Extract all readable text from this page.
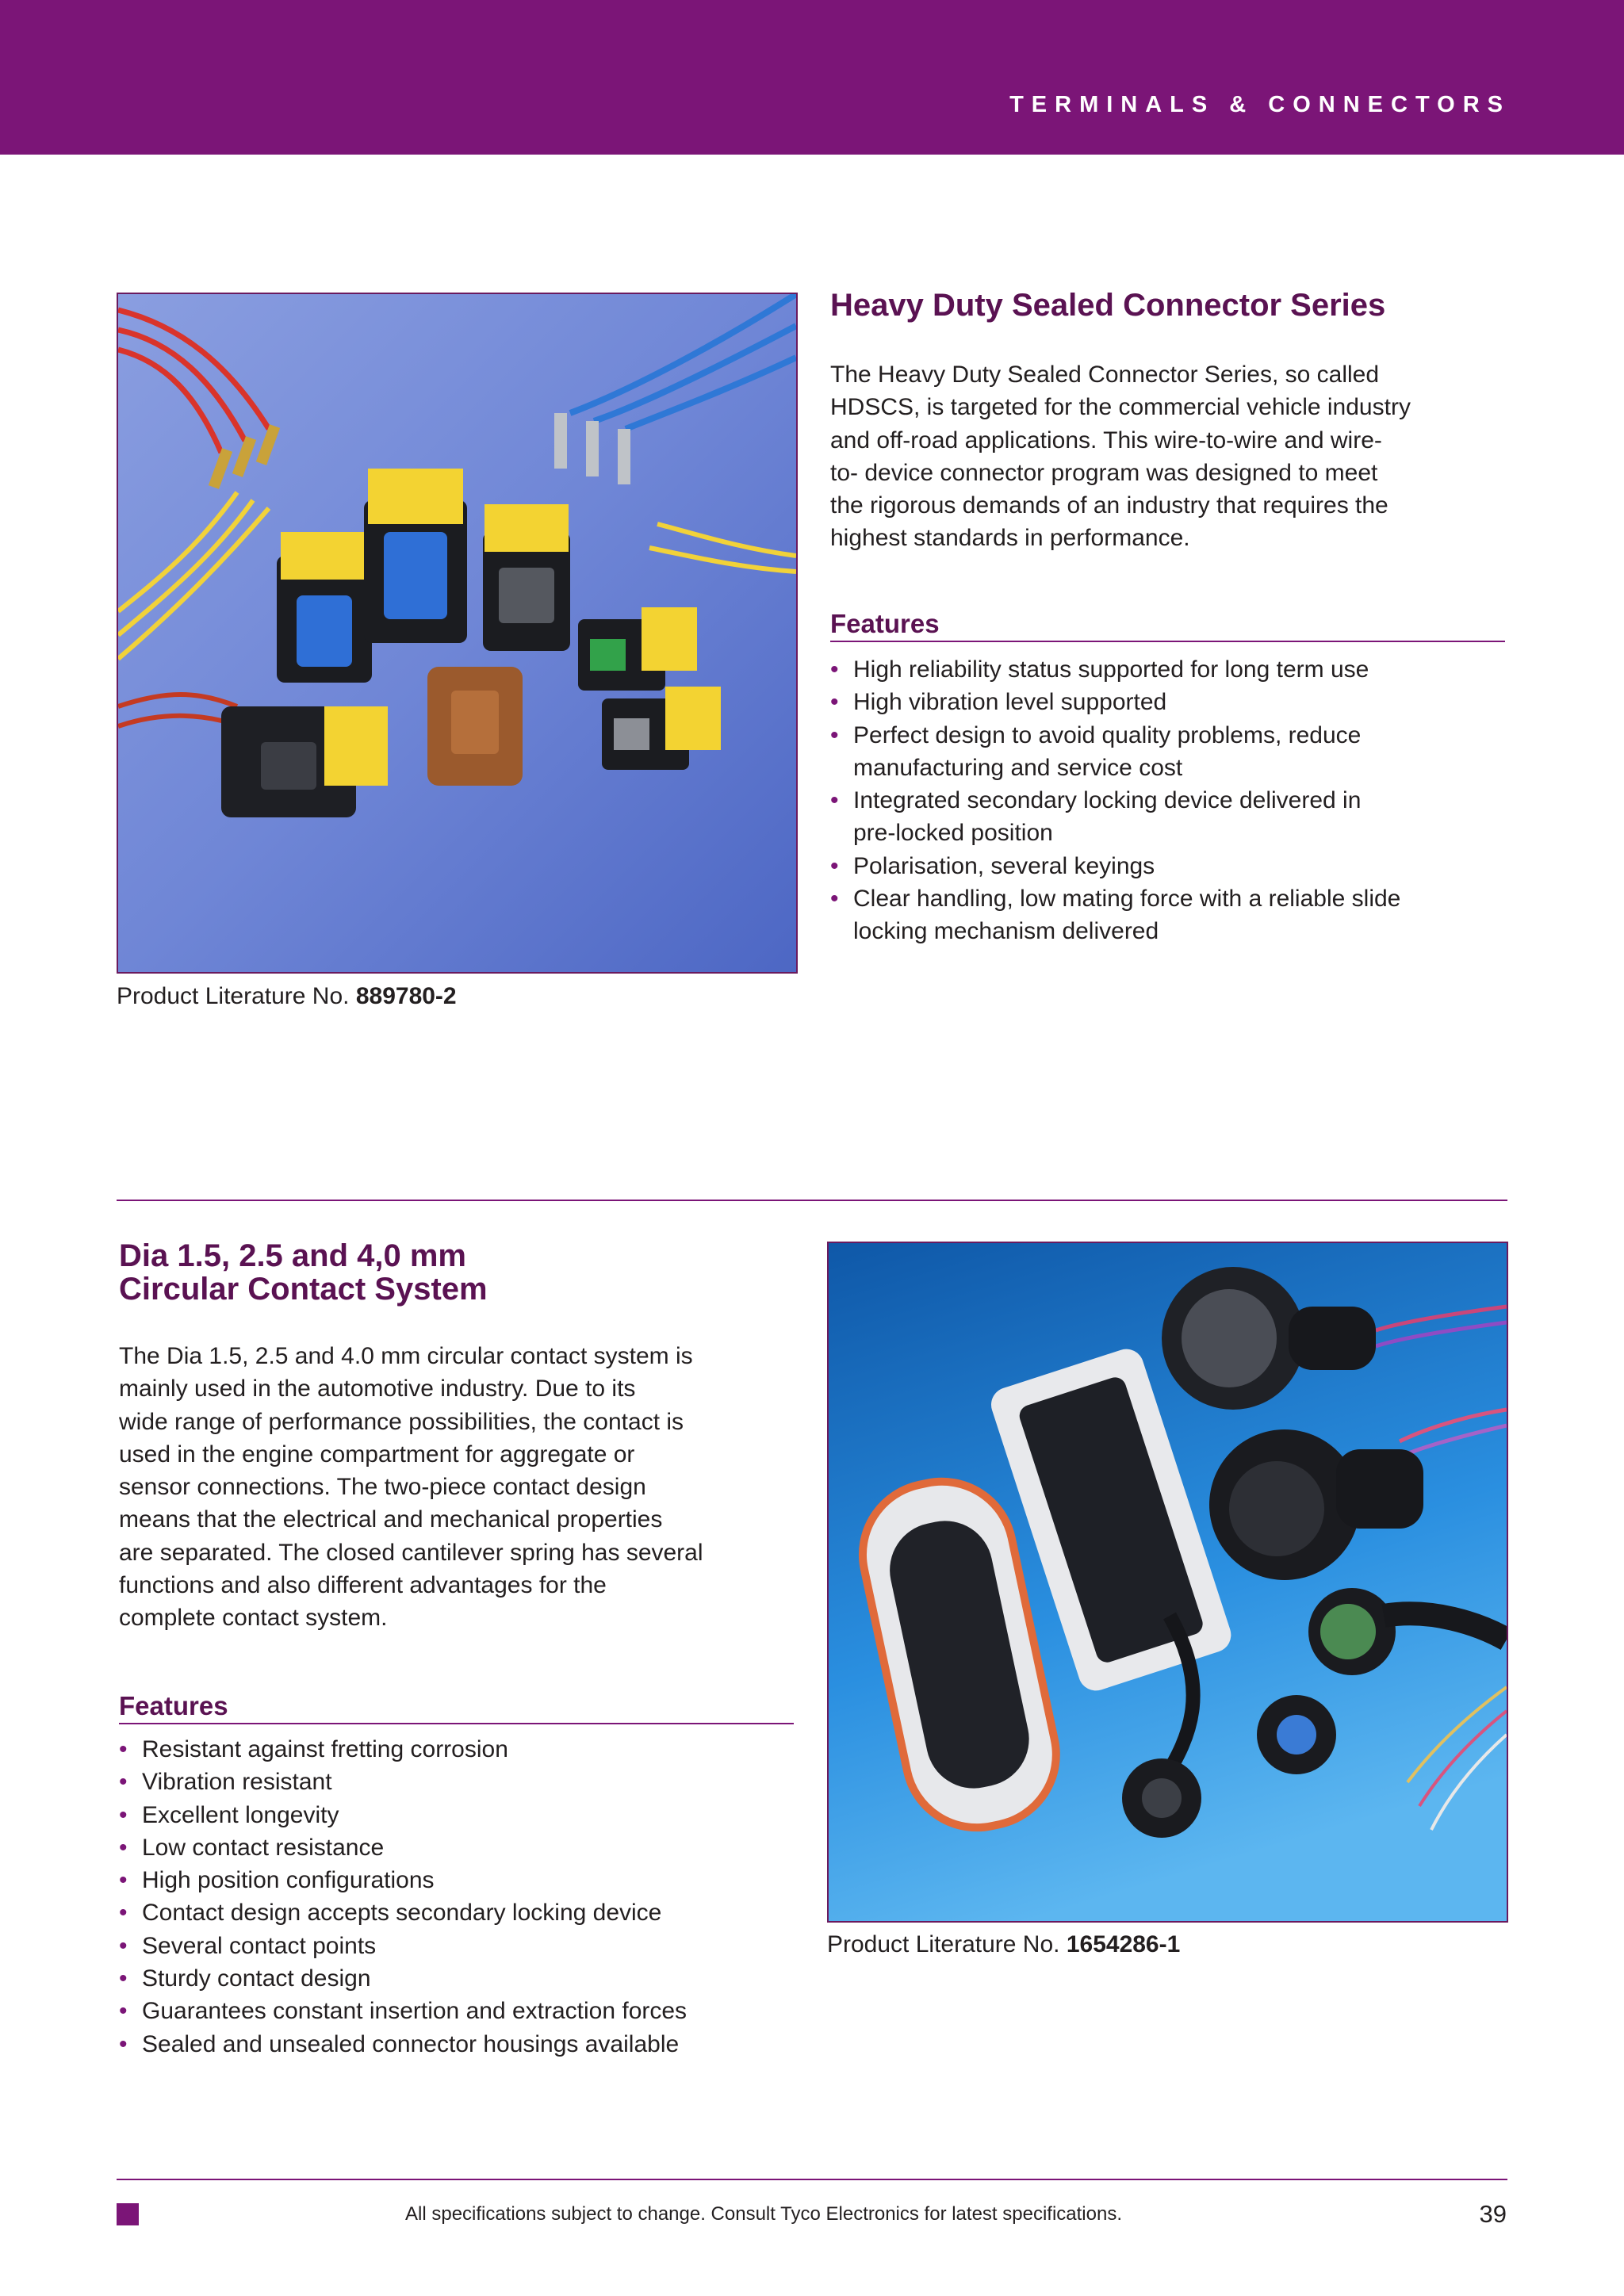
TERMINALS & CONNECTORS
Product Literature No. 889780-2
Heavy Duty Sealed Connector Series
The Heavy Duty Sealed Connector Series, so called
HDSCS, is targeted for the commercial vehicle industry
and off-road applications. This wire-to-wire and wire-
to- device connector program was designed to meet
the rigorous demands of an industry that requires the
highest standards in performance.
Features
• High reliability status supported for long term use
• High vibration level supported
• Perfect design to avoid quality problems, reduce
manufacturing and service cost
• Integrated secondary locking device delivered in
pre-locked position
• Polarisation, several keyings
• Clear handling, low mating force with a reliable slide
locking mechanism delivered
Dia 1.5, 2.5 and 4,0 mm
Circular Contact System
The Dia 1.5, 2.5 and 4.0 mm circular contact system is
mainly used in the automotive industry. Due to its
wide range of performance possibilities, the contact is
used in the engine compartment for aggregate or
sensor connections. The two-piece contact design
means that the electrical and mechanical properties
are separated. The closed cantilever spring has several
functions and also different advantages for the
complete contact system.
Features
• Resistant against fretting corrosion
• Vibration resistant
• Excellent longevity
• Low contact resistance
• High position configurations
• Contact design accepts secondary locking device
• Several contact points
• Sturdy contact design
• Guarantees constant insertion and extraction forces
• Sealed and unsealed connector housings available
Product Literature No. 1654286-1
All specifications subject to change. Consult Tyco Electronics for latest specifications.	39
